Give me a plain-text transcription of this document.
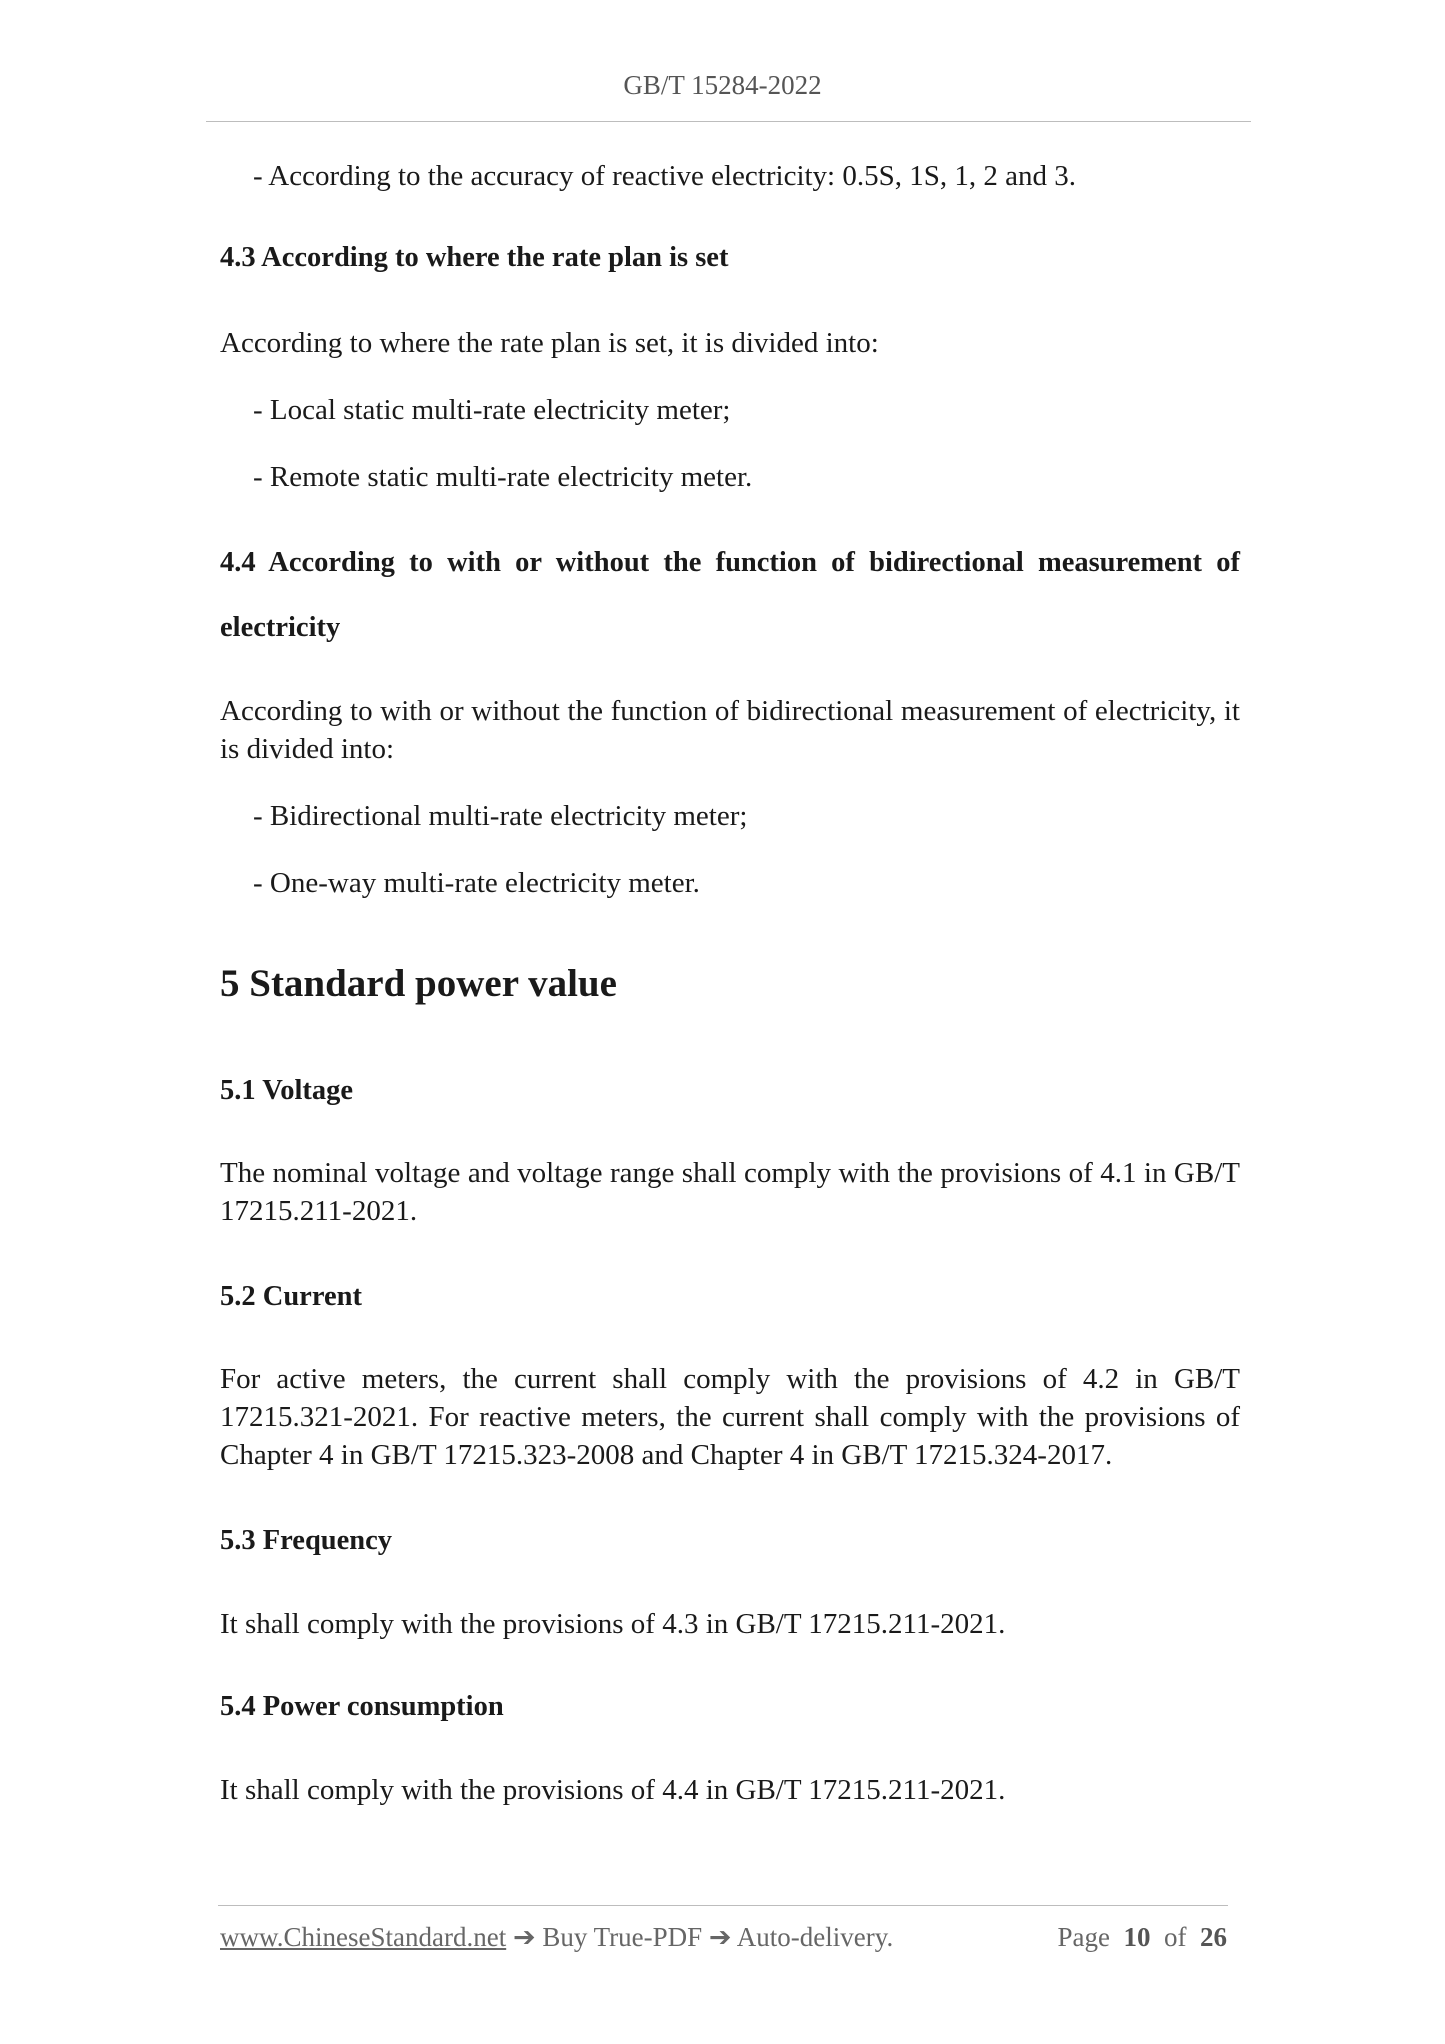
GB/T 15284-2022

- According to the accuracy of reactive electricity: 0.5S, 1S, 1, 2 and 3.

4.3 According to where the rate plan is set

According to where the rate plan is set, it is divided into:

- Local static multi-rate electricity meter;

- Remote static multi-rate electricity meter.

4.4 According to with or without the function of bidirectional measurement of

electricity

According to with or without the function of bidirectional measurement of electricity, it is divided into:

- Bidirectional multi-rate electricity meter;

- One-way multi-rate electricity meter.

5 Standard power value

5.1 Voltage

The nominal voltage and voltage range shall comply with the provisions of 4.1 in GB/T 17215.211-2021.

5.2 Current

For active meters, the current shall comply with the provisions of 4.2 in GB/T 17215.321-2021. For reactive meters, the current shall comply with the provisions of Chapter 4 in GB/T 17215.323-2008 and Chapter 4 in GB/T 17215.324-2017.

5.3 Frequency

It shall comply with the provisions of 4.3 in GB/T 17215.211-2021.

5.4 Power consumption

It shall comply with the provisions of 4.4 in GB/T 17215.211-2021.

www.ChineseStandard.net ➔ Buy True-PDF ➔ Auto-delivery.	Page 10 of 26
